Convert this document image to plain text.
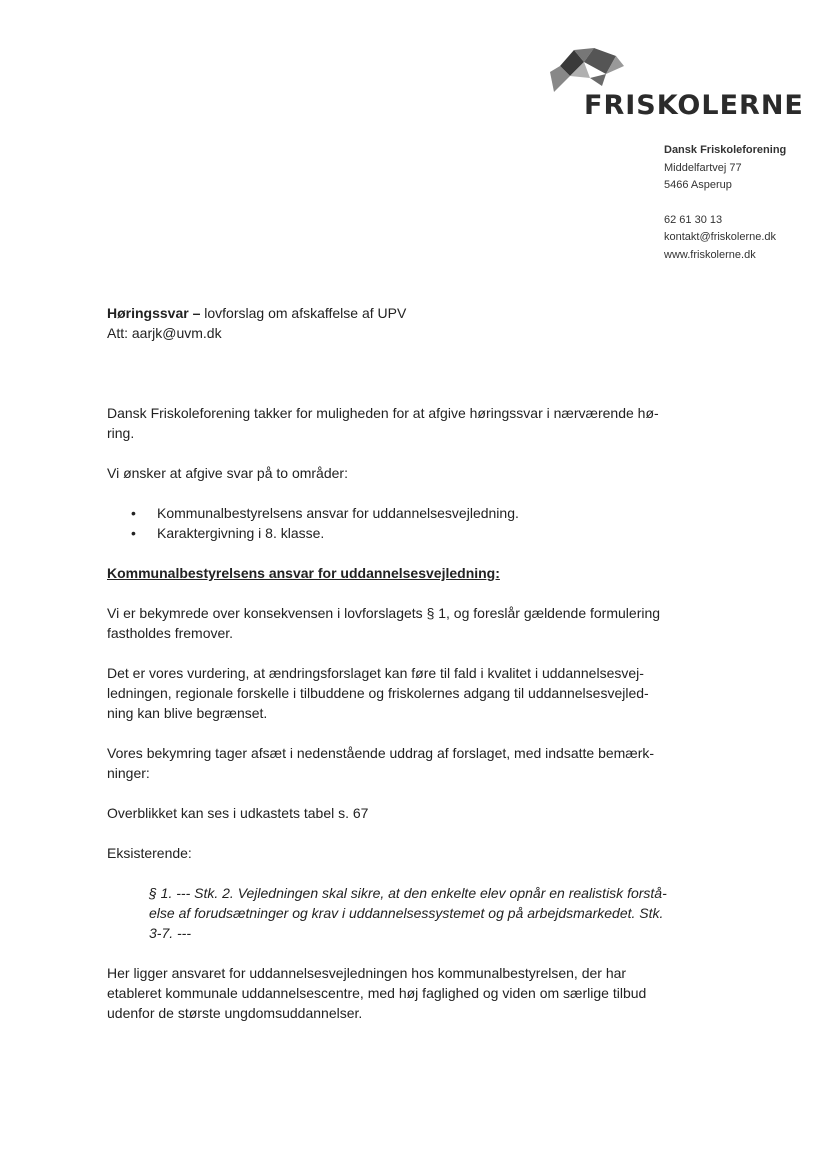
FRISKOLERNE
Dansk Friskoleforening
Middelfartvej 77
5466 Asperup
62 61 30 13
kontakt@friskolerne.dk
www.friskolerne.dk

Høringssvar – lovforslag om afskaffelse af UPV

Att: aarjk@uvm.dk

Dansk Friskoleforening takker for muligheden for at afgive høringssvar i nærværende hø-

ring.

Vi ønsker at afgive svar på to områder:

• Kommunalbestyrelsens ansvar for uddannelsesvejledning.
• Karaktergivning i 8. klasse.

Kommunalbestyrelsens ansvar for uddannelsesvejledning:

Vi er bekymrede over konsekvensen i lovforslagets § 1, og foreslår gældende formulering

fastholdes fremover.

Det er vores vurdering, at ændringsforslaget kan føre til fald i kvalitet i uddannelsesvej-

ledningen, regionale forskelle i tilbuddene og friskolernes adgang til uddannelsesvejled-

ning kan blive begrænset.

Vores bekymring tager afsæt i nedenstående uddrag af forslaget, med indsatte bemærk-

ninger:

Overblikket kan ses i udkastets tabel s. 67

Eksisterende:

§ 1. --- Stk. 2. Vejledningen skal sikre, at den enkelte elev opnår en realistisk forstå-

else af forudsætninger og krav i uddannelsessystemet og på arbejdsmarkedet. Stk.

3-7. ---

Her ligger ansvaret for uddannelsesvejledningen hos kommunalbestyrelsen, der har

etableret kommunale uddannelsescentre, med høj faglighed og viden om særlige tilbud

udenfor de største ungdomsuddannelser.
